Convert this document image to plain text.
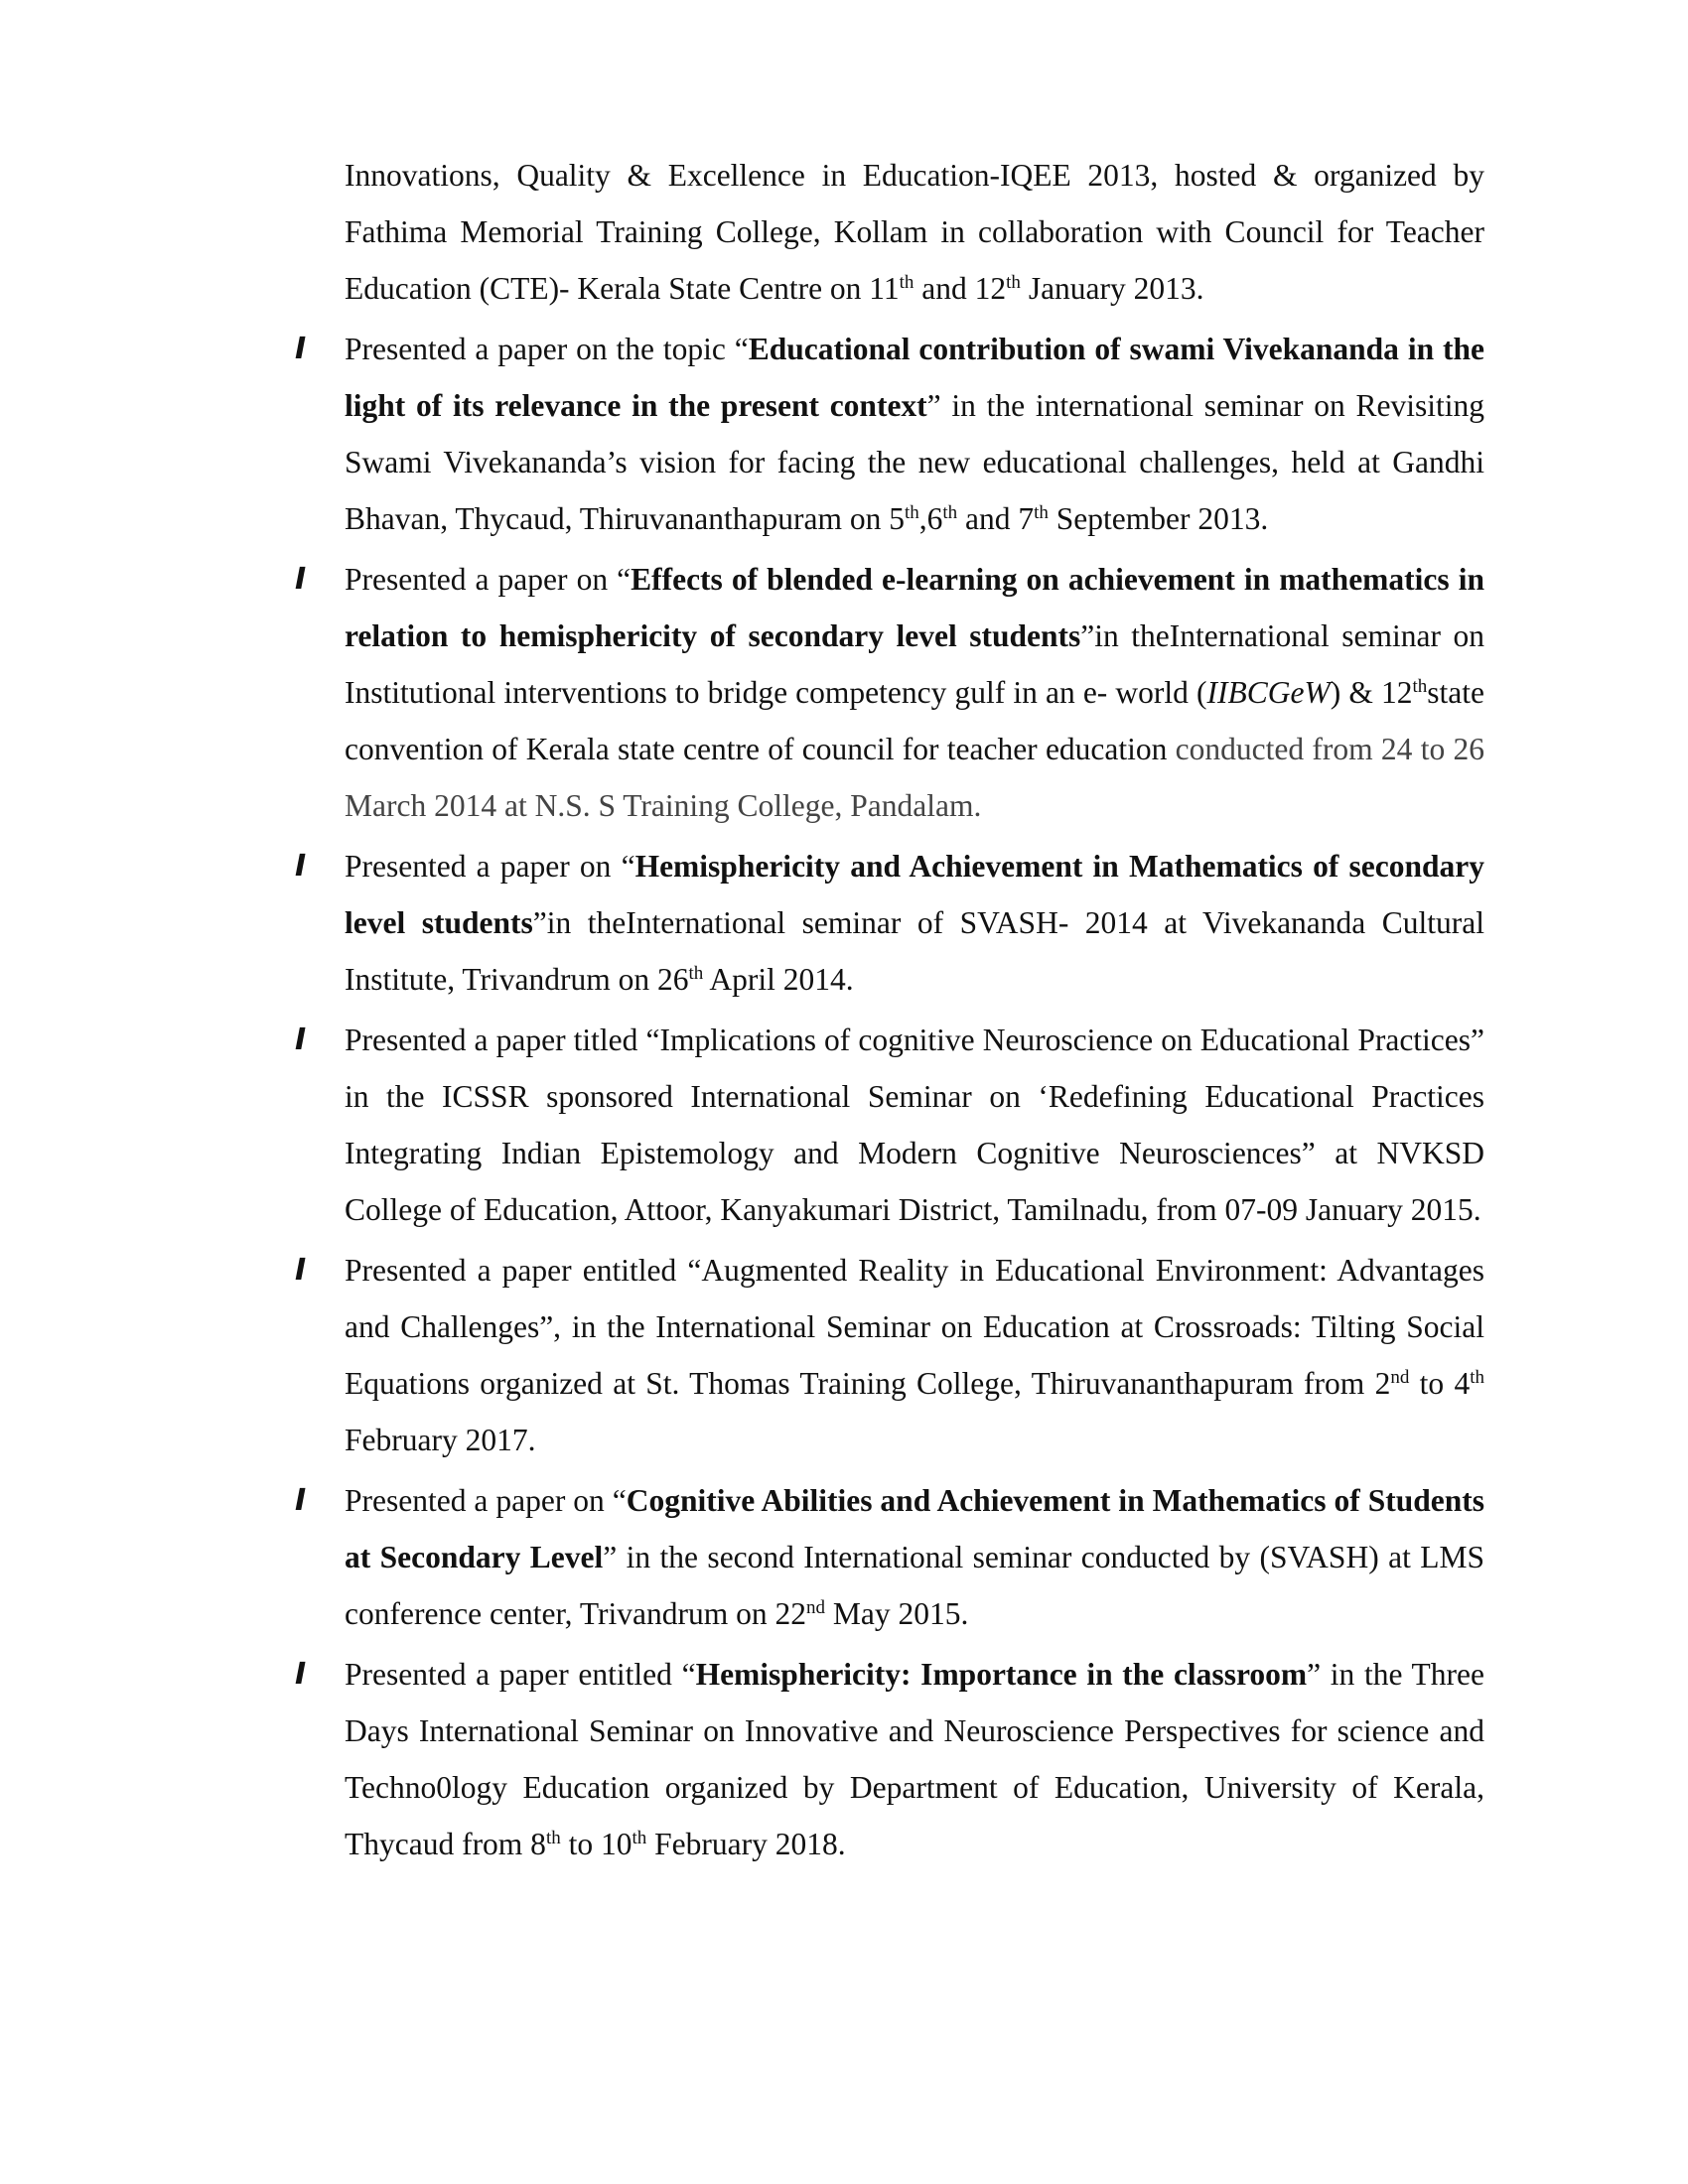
Innovations, Quality & Excellence in Education-IQEE 2013, hosted & organized by Fathima Memorial Training College, Kollam in collaboration with Council for Teacher Education (CTE)- Kerala State Centre on 11th and 12th January 2013.

I Presented a paper on the topic “Educational contribution of swami Vivekananda in the light of its relevance in the present context” in the international seminar on Revisiting Swami Vivekananda’s vision for facing the new educational challenges, held at Gandhi Bhavan, Thycaud, Thiruvananthapuram on 5th,6th and 7th September 2013.

I Presented a paper on “Effects of blended e-learning on achievement in mathematics in relation to hemisphericity of secondary level students”in theInternational seminar on Institutional interventions to bridge competency gulf in an e- world (IIBCGeW) & 12thstate convention of Kerala state centre of council for teacher education conducted from 24 to 26 March 2014 at N.S. S Training College, Pandalam.

I Presented a paper on “Hemisphericity and Achievement in Mathematics of secondary level students”in theInternational seminar of SVASH- 2014 at Vivekananda Cultural Institute, Trivandrum on 26th April 2014.

I Presented a paper titled “Implications of cognitive Neuroscience on Educational Practices” in the ICSSR sponsored International Seminar on ‘Redefining Educational Practices Integrating Indian Epistemology and Modern Cognitive Neurosciences” at NVKSD College of Education, Attoor, Kanyakumari District, Tamilnadu, from 07-09 January 2015.

I Presented a paper entitled “Augmented Reality in Educational Environment: Advantages and Challenges”, in the International Seminar on Education at Crossroads: Tilting Social Equations organized at St. Thomas Training College, Thiruvananthapuram from 2nd to 4th February 2017.

I Presented a paper on “Cognitive Abilities and Achievement in Mathematics of Students at Secondary Level” in the second International seminar conducted by (SVASH) at LMS conference center, Trivandrum on 22nd May 2015.

I Presented a paper entitled “Hemisphericity: Importance in the classroom” in the Three Days International Seminar on Innovative and Neuroscience Perspectives for science and Techno0logy Education organized by Department of Education, University of Kerala, Thycaud from 8th to 10th February 2018.
